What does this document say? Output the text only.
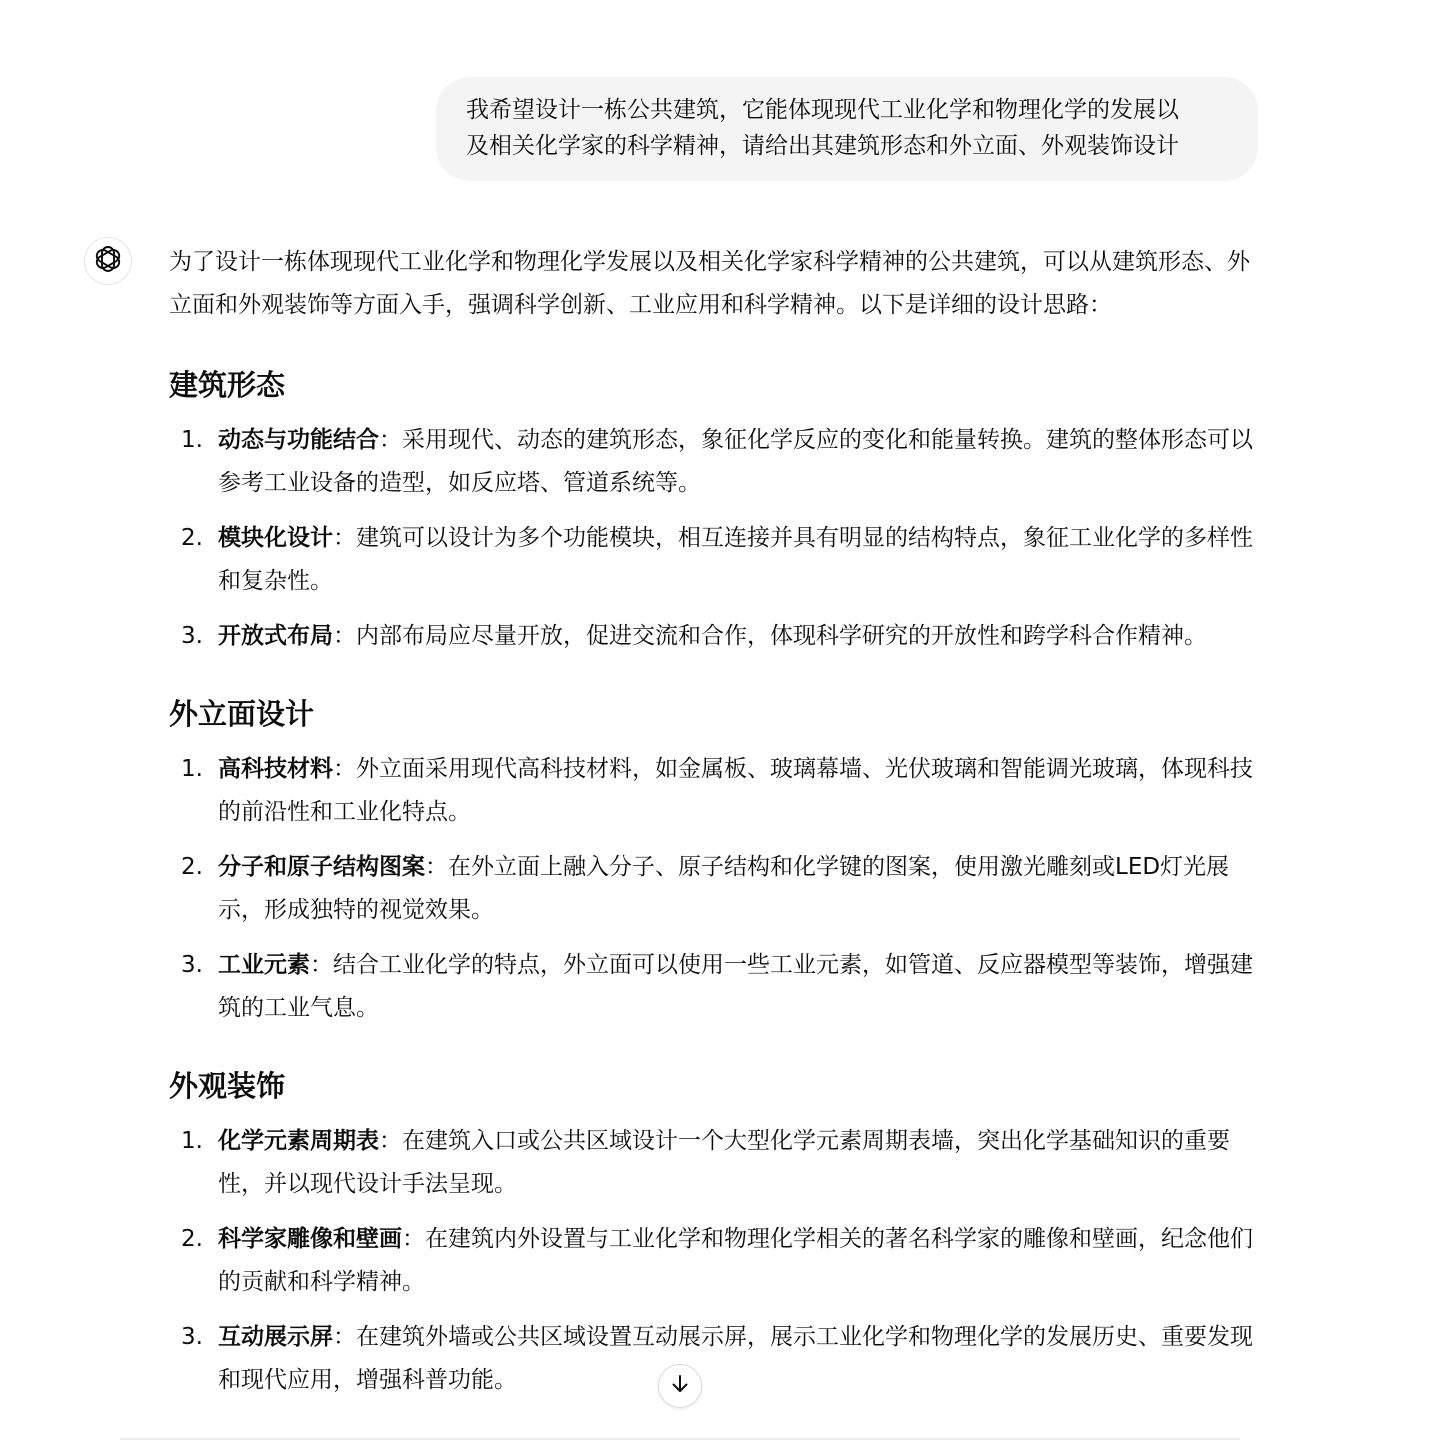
我希望设计一栋公共建筑，它能体现现代工业化学和物理化学的发展以
及相关化学家的科学精神，请给出其建筑形态和外立面、外观装饰设计

为了设计一栋体现现代工业化学和物理化学发展以及相关化学家科学精神的公共建筑，可以从建筑形态、外立面和外观装饰等方面入手，强调科学创新、工业应用和科学精神。以下是详细的设计思路：

建筑形态
1. 动态与功能结合：采用现代、动态的建筑形态，象征化学反应的变化和能量转换。建筑的整体形态可以参考工业设备的造型，如反应塔、管道系统等。
2. 模块化设计：建筑可以设计为多个功能模块，相互连接并具有明显的结构特点，象征工业化学的多样性和复杂性。
3. 开放式布局：内部布局应尽量开放，促进交流和合作，体现科学研究的开放性和跨学科合作精神。
外立面设计
1. 高科技材料：外立面采用现代高科技材料，如金属板、玻璃幕墙、光伏玻璃和智能调光玻璃，体现科技的前沿性和工业化特点。
2. 分子和原子结构图案：在外立面上融入分子、原子结构和化学键的图案，使用激光雕刻或LED灯光展示，形成独特的视觉效果。
3. 工业元素：结合工业化学的特点，外立面可以使用一些工业元素，如管道、反应器模型等装饰，增强建筑的工业气息。
外观装饰
1. 化学元素周期表：在建筑入口或公共区域设计一个大型化学元素周期表墙，突出化学基础知识的重要性，并以现代设计手法呈现。
2. 科学家雕像和壁画：在建筑内外设置与工业化学和物理化学相关的著名科学家的雕像和壁画，纪念他们的贡献和科学精神。
3. 互动展示屏：在建筑外墙或公共区域设置互动展示屏，展示工业化学和物理化学的发展历史、重要发现和现代应用，增强科普功能。
